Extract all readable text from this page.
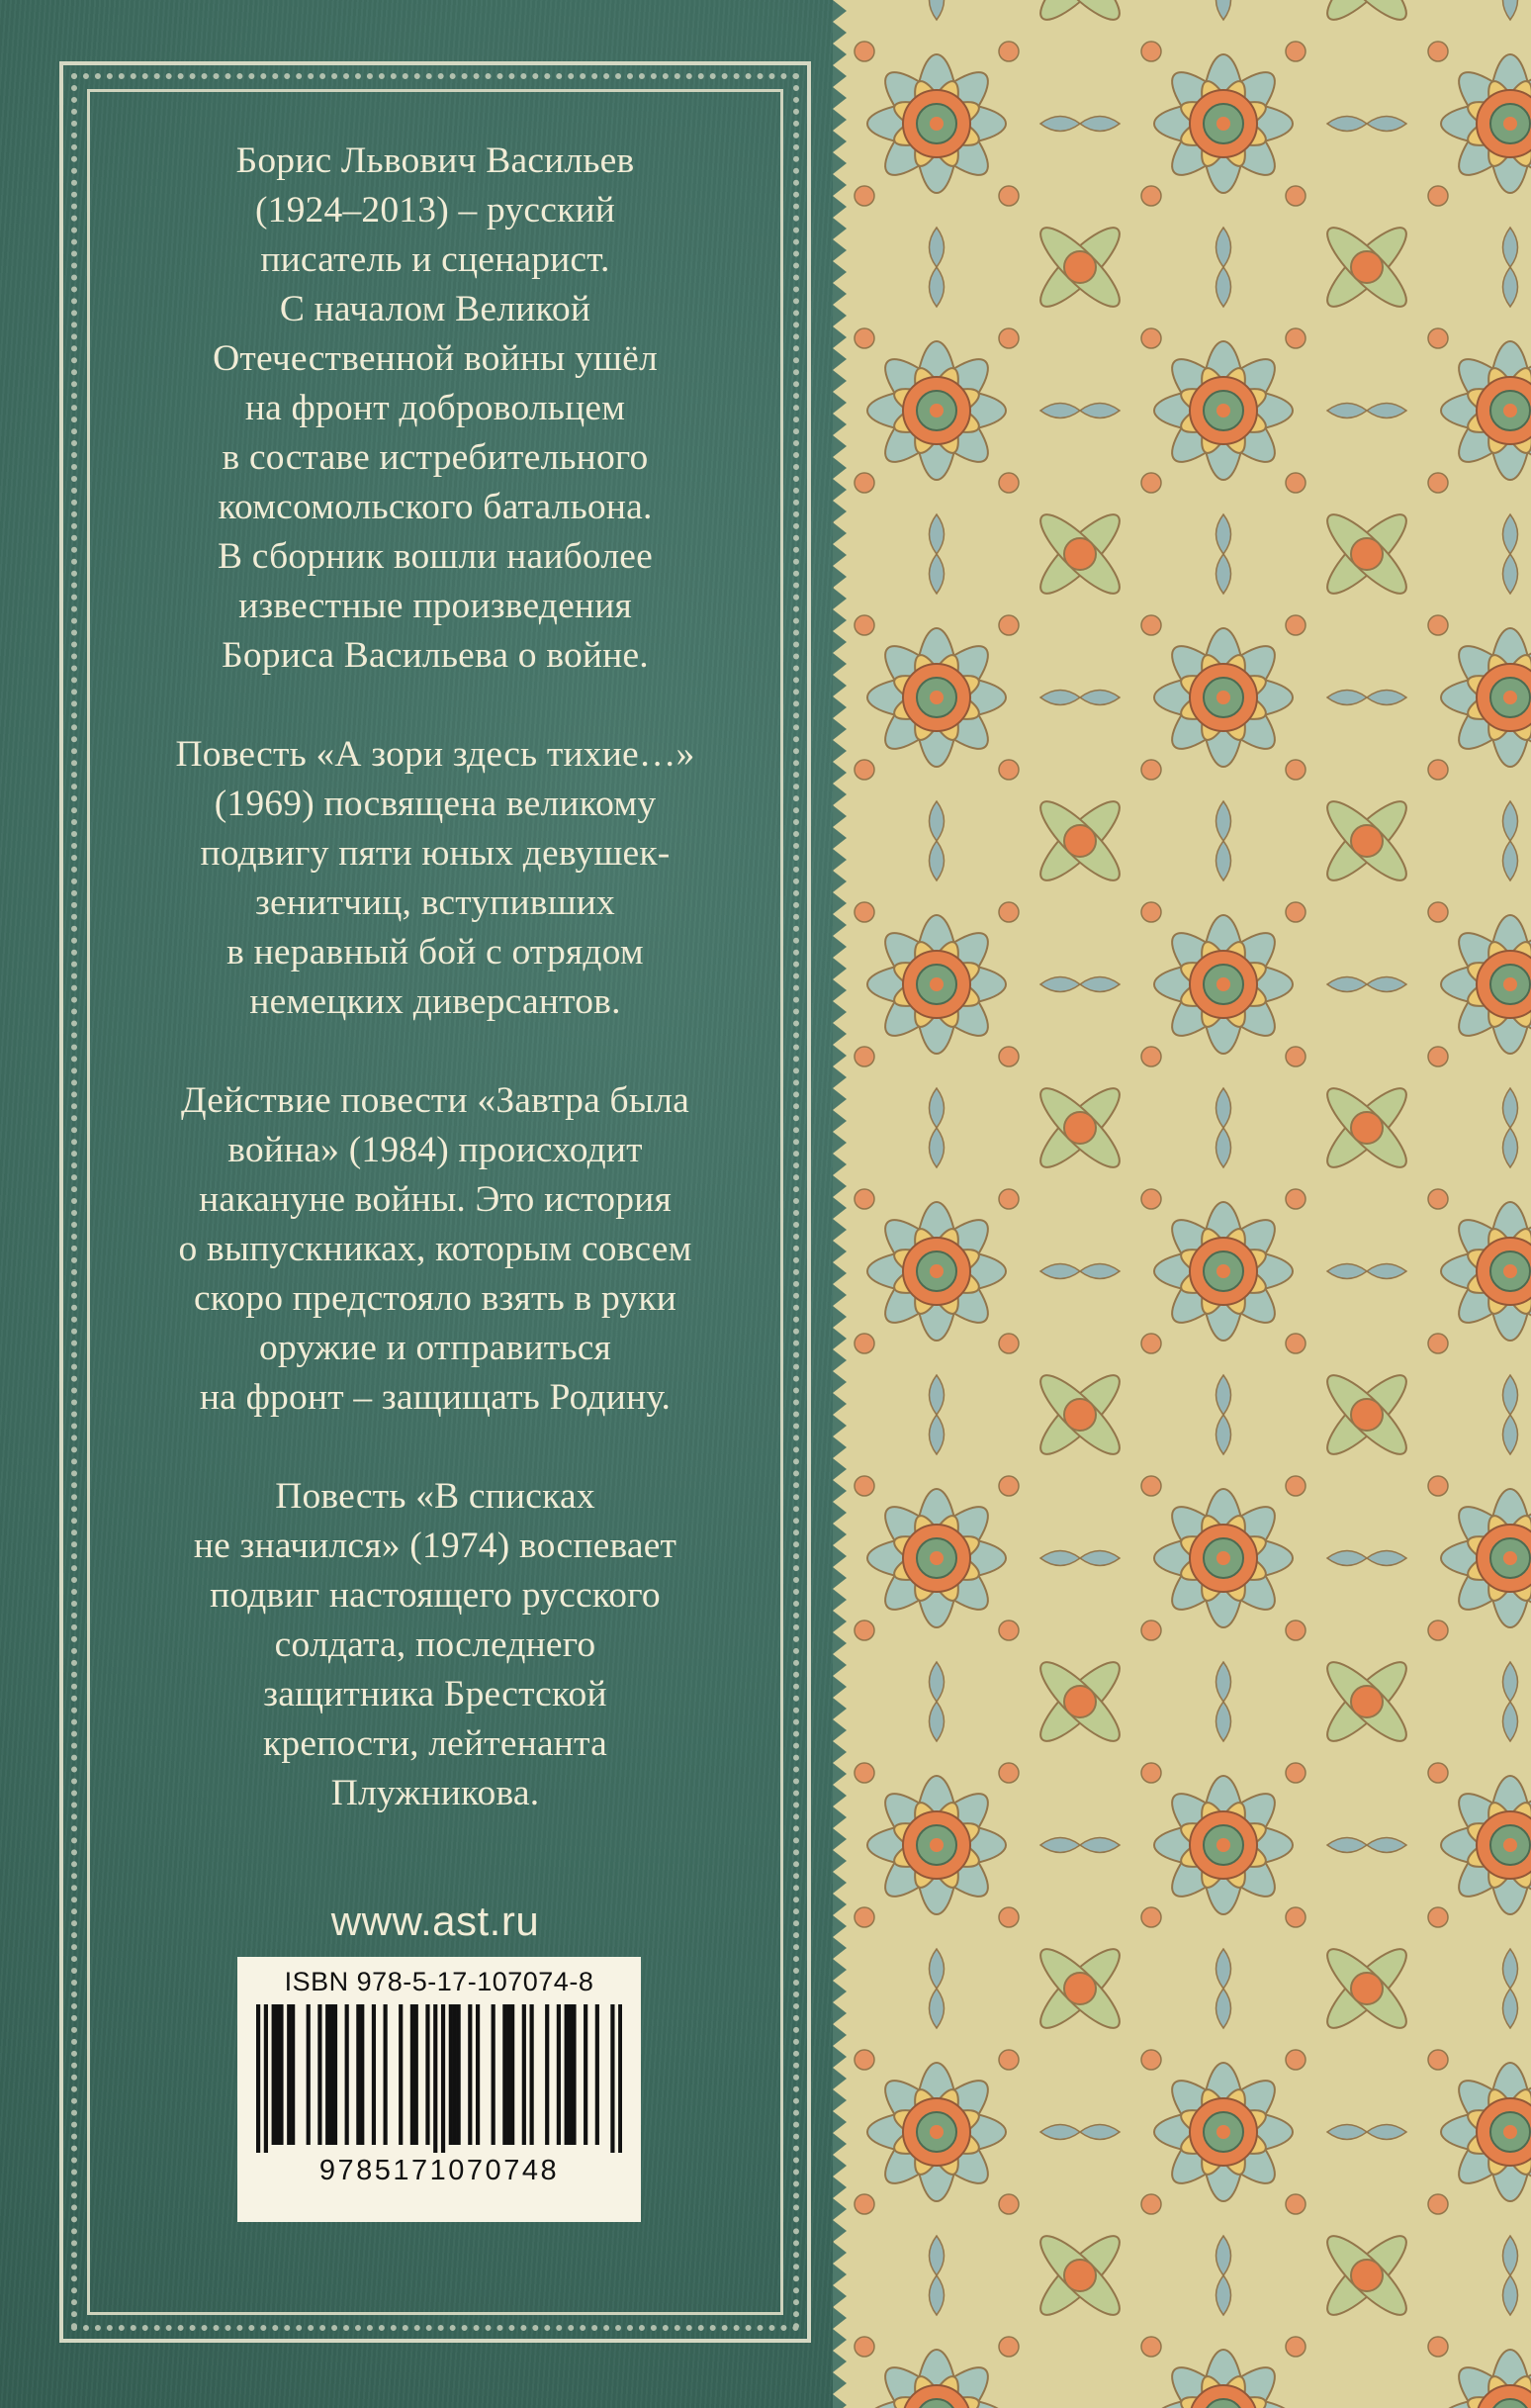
Борис Львович Васильев
(1924–2013) – русский
писатель и сценарист.
С началом Великой
Отечественной войны ушёл
на фронт добровольцем
в составе истребительного
комсомольского батальона.
В сборник вошли наиболее
известные произведения
Бориса Васильева о войне.
Повесть «А зори здесь тихие…»
(1969) посвящена великому
подвигу пяти юных девушек-
зенитчиц, вступивших
в неравный бой с отрядом
немецких диверсантов.
Действие повести «Завтра была
война» (1984) происходит
накануне войны. Это история
о выпускниках, которым совсем
скоро предстояло взять в руки
оружие и отправиться
на фронт – защищать Родину.
Повесть «В списках
не значился» (1974) воспевает
подвиг настоящего русского
солдата, последнего
защитника Брестской
крепости, лейтенанта
Плужникова.
www.ast.ru
ISBN 978-5-17-107074-8
9785171070748
